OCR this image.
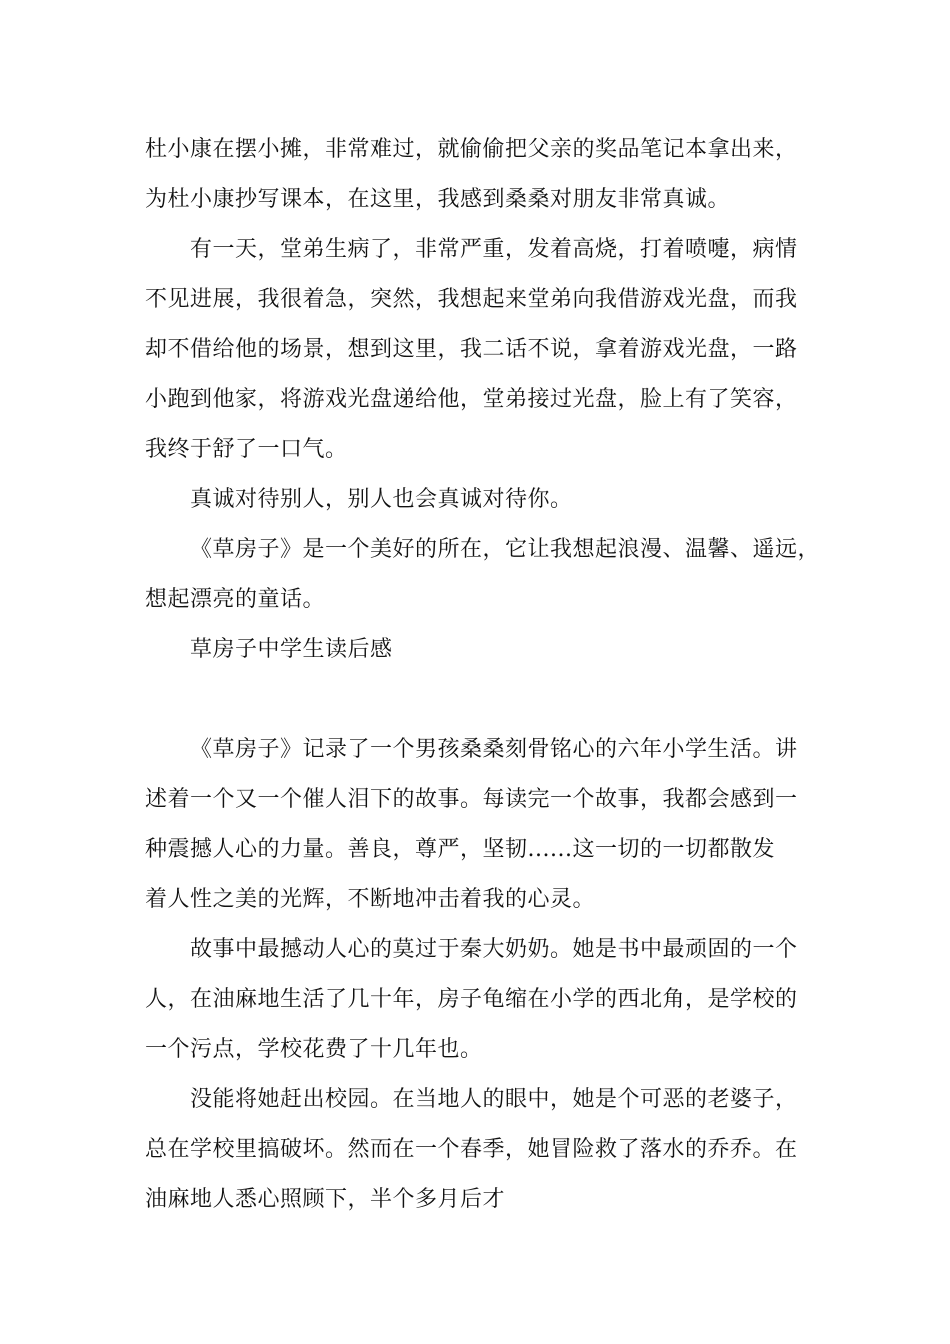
杜小康在摆小摊，非常难过，就偷偷把父亲的奖品笔记本拿出来，
为杜小康抄写课本，在这里，我感到桑桑对朋友非常真诚。
有一天，堂弟生病了，非常严重，发着高烧，打着喷嚏，病情
不见进展，我很着急，突然，我想起来堂弟向我借游戏光盘，而我
却不借给他的场景，想到这里，我二话不说，拿着游戏光盘，一路
小跑到他家，将游戏光盘递给他，堂弟接过光盘，脸上有了笑容，
我终于舒了一口气。
真诚对待别人，别人也会真诚对待你。
《草房子》是一个美好的所在，它让我想起浪漫、温馨、遥远，
想起漂亮的童话。
草房子中学生读后感
《草房子》记录了一个男孩桑桑刻骨铭心的六年小学生活。讲
述着一个又一个催人泪下的故事。每读完一个故事，我都会感到一
种震撼人心的力量。善良，尊严，坚韧......这一切的一切都散发
着人性之美的光辉，不断地冲击着我的心灵。
故事中最撼动人心的莫过于秦大奶奶。她是书中最顽固的一个
人，在油麻地生活了几十年，房子龟缩在小学的西北角，是学校的
一个污点，学校花费了十几年也。
没能将她赶出校园。在当地人的眼中，她是个可恶的老婆子，
总在学校里搞破坏。然而在一个春季，她冒险救了落水的乔乔。在
油麻地人悉心照顾下，半个多月后才
